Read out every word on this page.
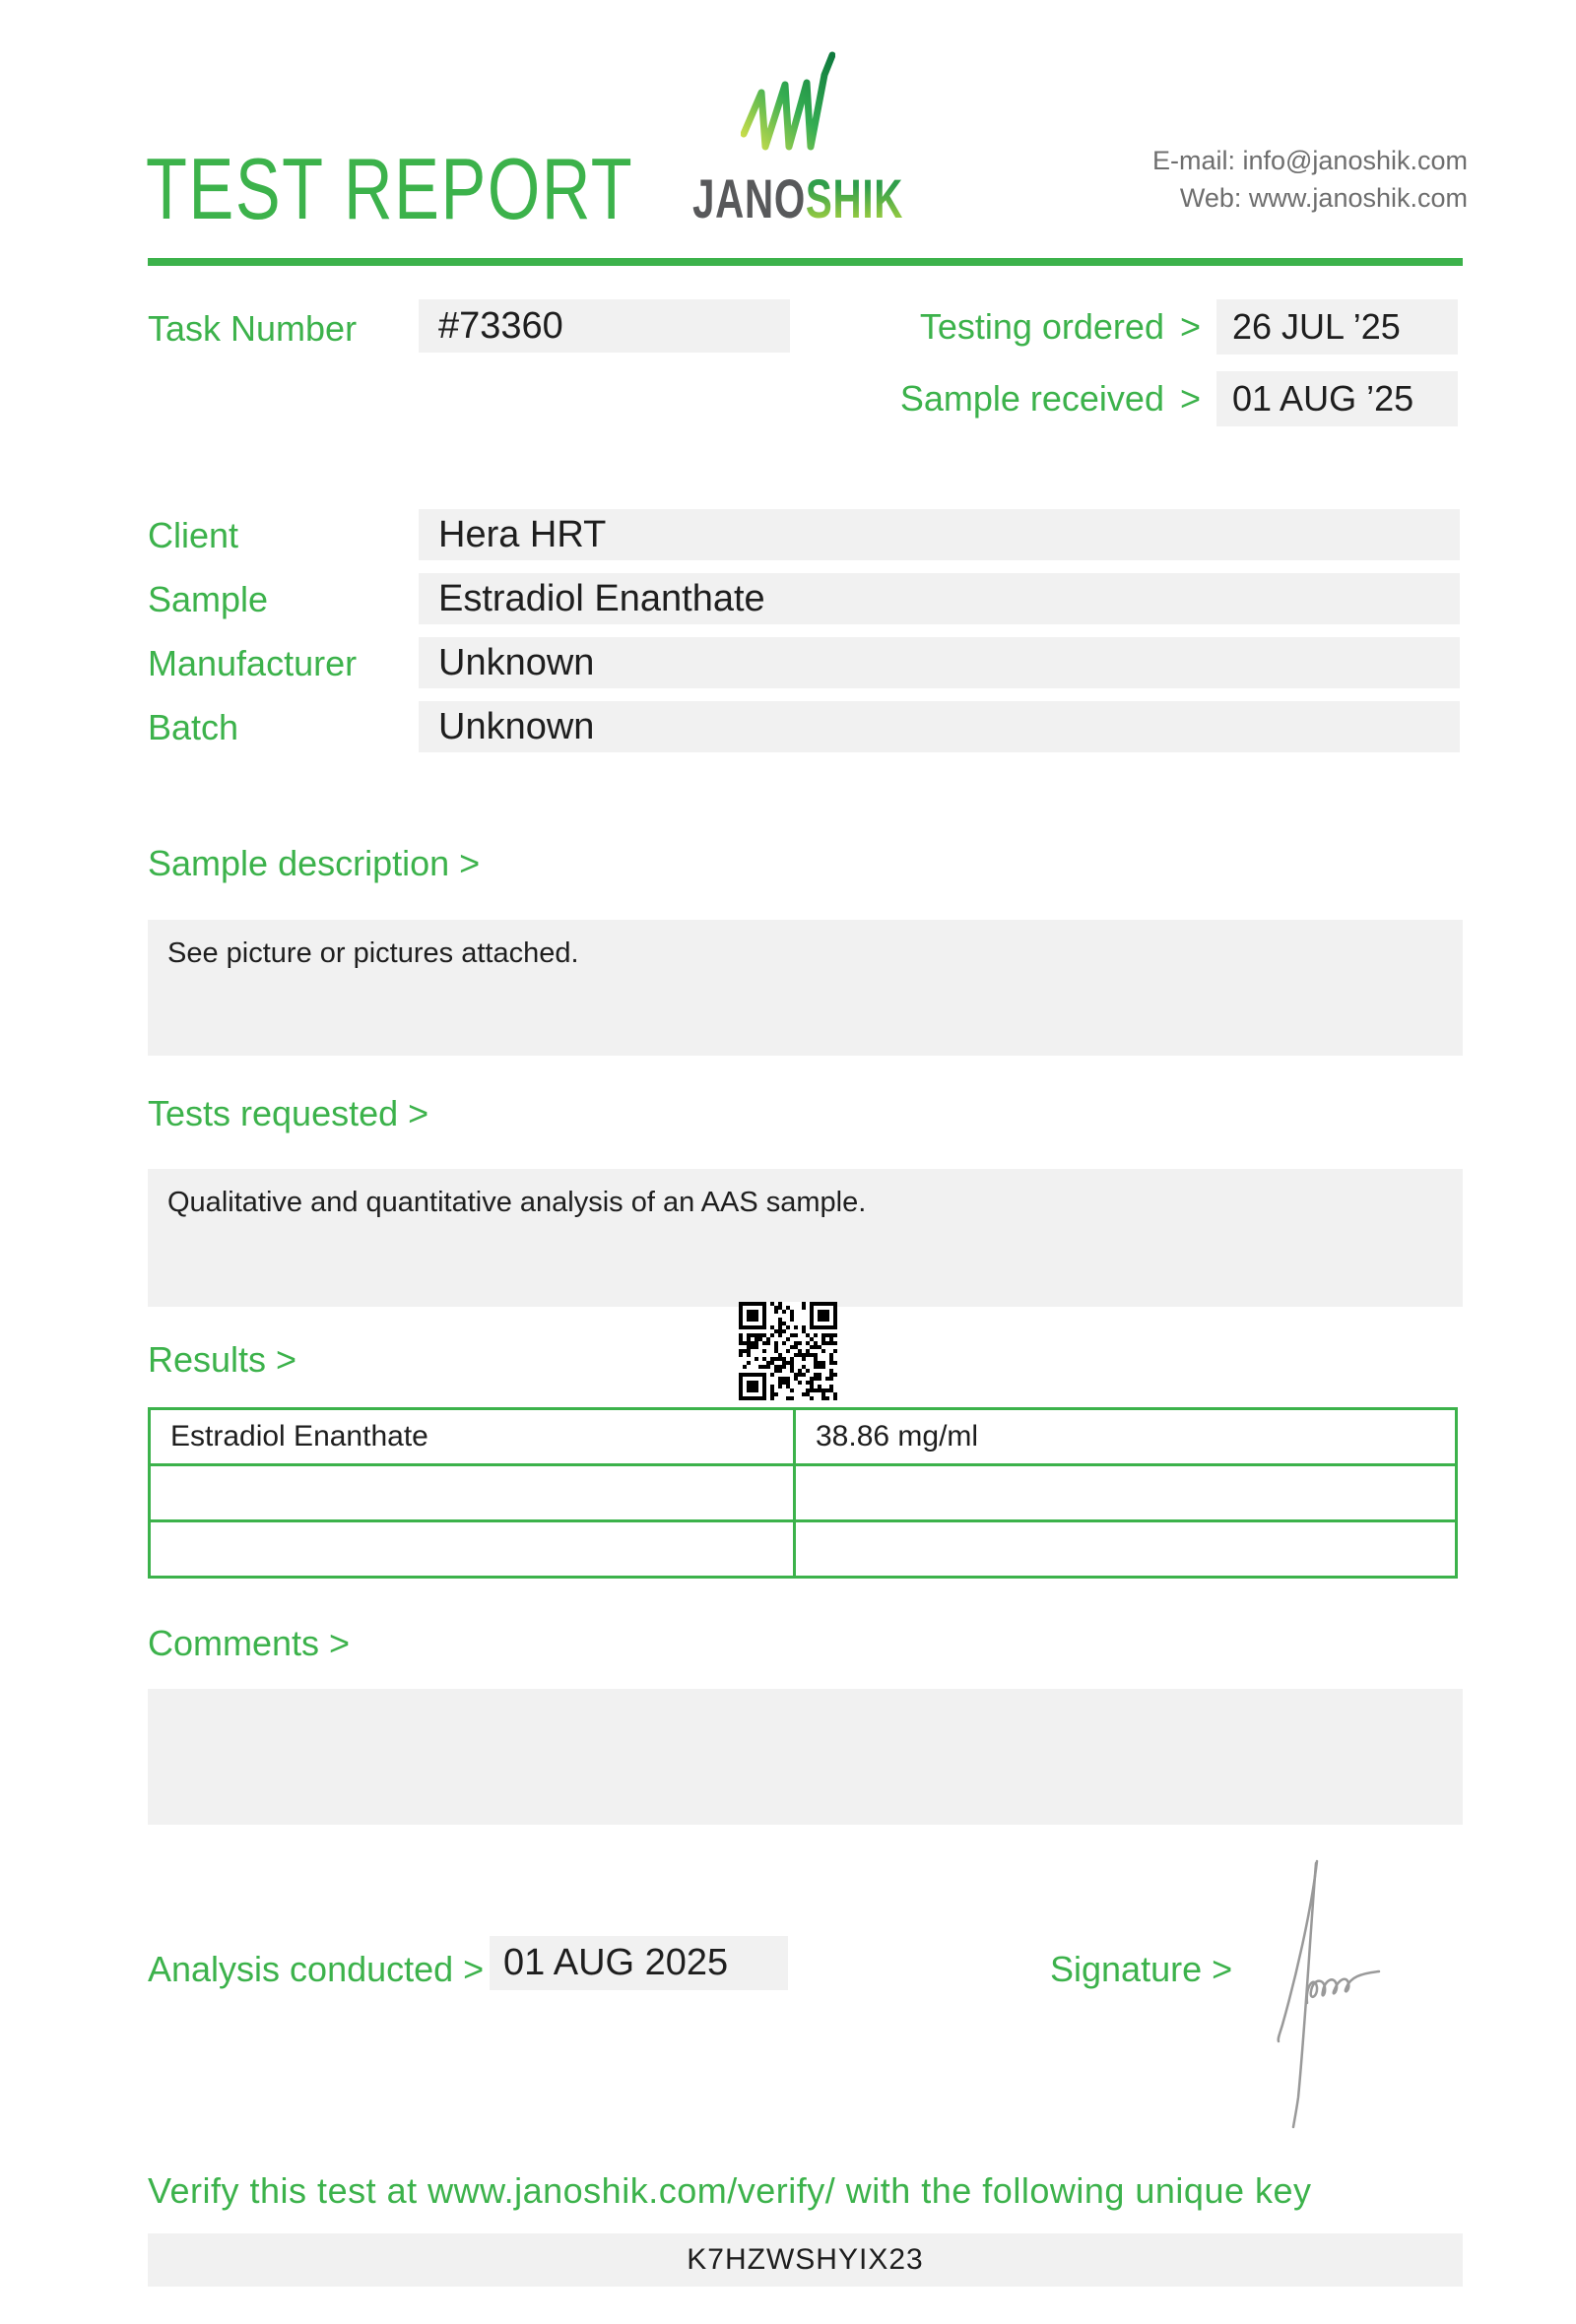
TEST REPORT JANOSHIK
E-mail: info@janoshik.com
Web: www.janoshik.com
Task Number	#73360	Testing ordered > 26 JUL ’25
Sample received > 01 AUG ’25
Client	Hera HRT
Sample	Estradiol Enanthate
Manufacturer	Unknown
Batch	Unknown
Sample description >
See picture or pictures attached.
Tests requested >
Qualitative and quantitative analysis of an AAS sample.
Results >
Estradiol Enanthate	38.86 mg/ml

Comments >
Analysis conducted > 01 AUG 2025	Signature >
Verify this test at www.janoshik.com/verify/ with the following unique key
K7HZWSHYIX23
